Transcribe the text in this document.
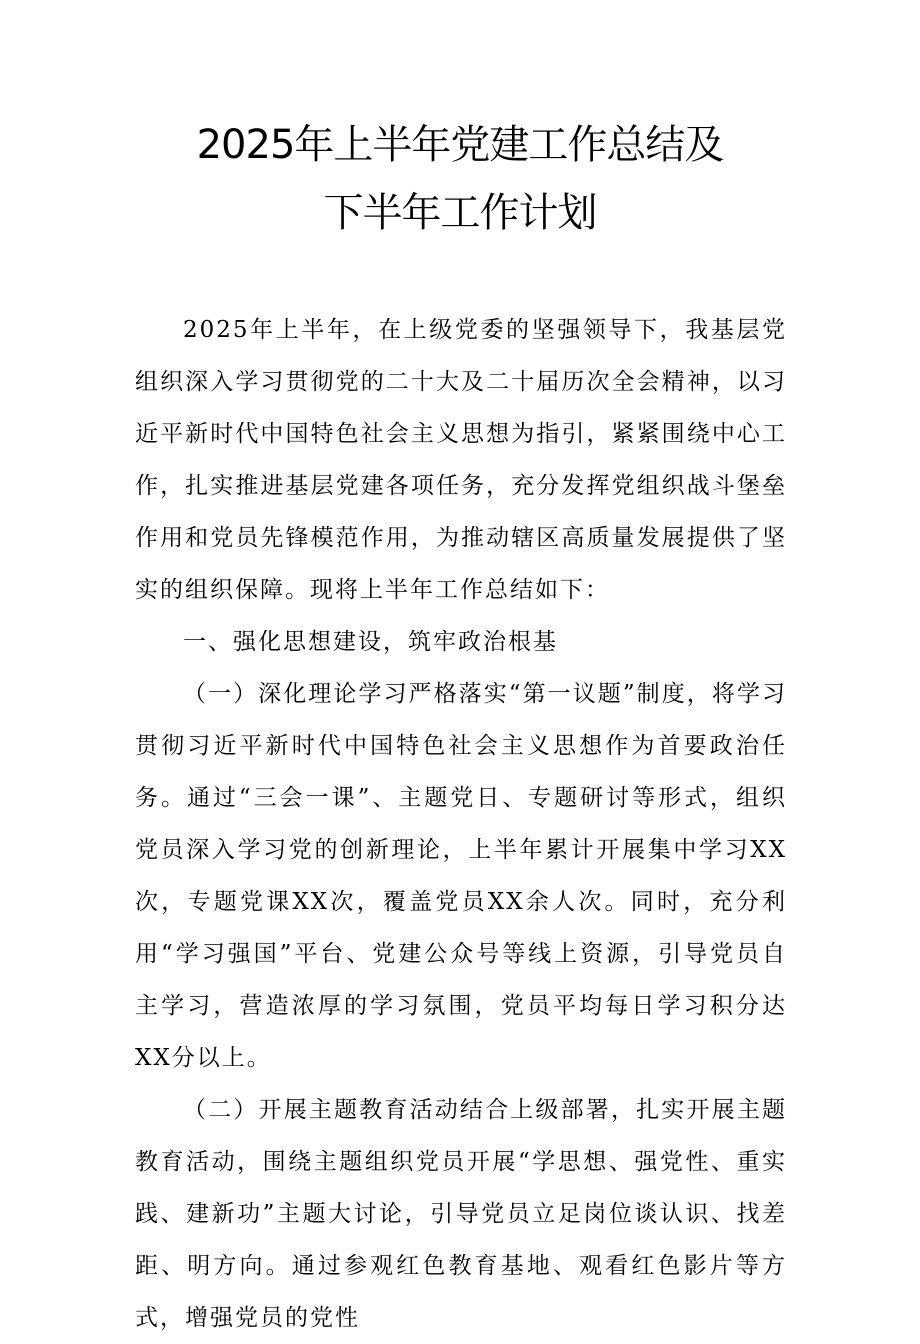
2025年上半年党建工作总结及
下半年工作计划

2025年上半年，在上级党委的坚强领导下，我基层党组织深入学习贯彻党的二十大及二十届历次全会精神，以习近平新时代中国特色社会主义思想为指引，紧紧围绕中心工作，扎实推进基层党建各项任务，充分发挥党组织战斗堡垒作用和党员先锋模范作用，为推动辖区高质量发展提供了坚实的组织保障。现将上半年工作总结如下：

一、强化思想建设，筑牢政治根基

（一）深化理论学习严格落实“第一议题”制度，将学习贯彻习近平新时代中国特色社会主义思想作为首要政治任务。通过“三会一课”、主题党日、专题研讨等形式，组织党员深入学习党的创新理论，上半年累计开展集中学习XX次，专题党课XX次，覆盖党员XX余人次。同时，充分利用“学习强国”平台、党建公众号等线上资源，引导党员自主学习，营造浓厚的学习氛围，党员平均每日学习积分达XX分以上。

（二）开展主题教育活动结合上级部署，扎实开展主题教育活动，围绕主题组织党员开展“学思想、强党性、重实践、建新功”主题大讨论，引导党员立足岗位谈认识、找差距、明方向。通过参观红色教育基地、观看红色影片等方式，增强党员的党性
